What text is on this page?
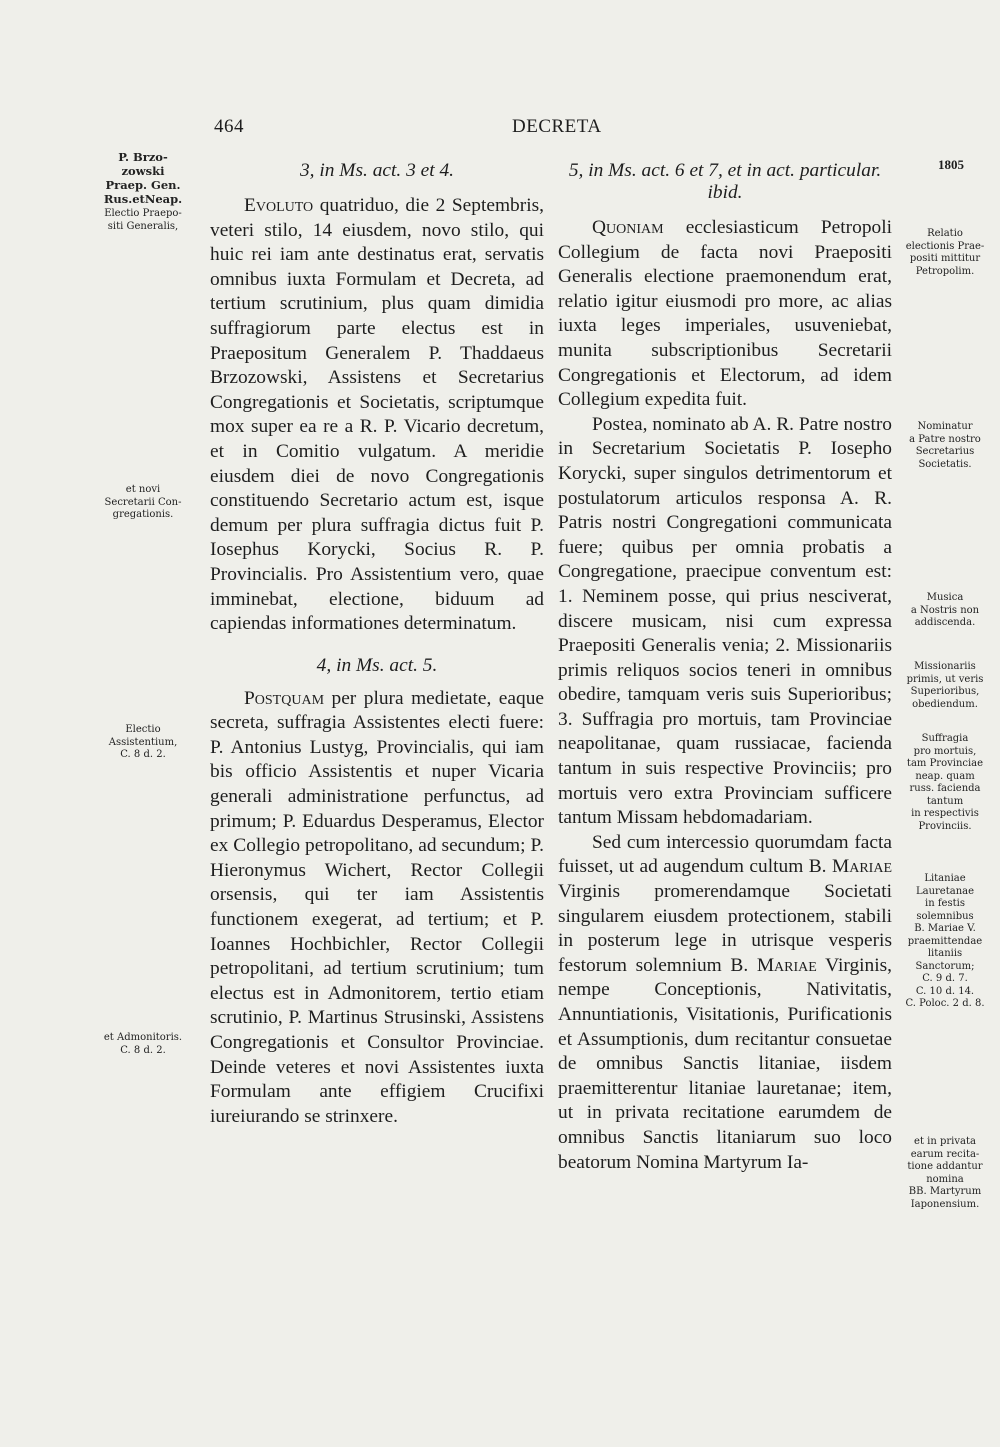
464	DECRETA
1805

P. Brzo-
zowski
Praep. Gen.
Rus.etNeap.
Electio Praepo-
siti Generalis,
et novi
Secretarii Con-
gregationis.
Electio
Assistentium,
C. 8 d. 2.
et Admonitoris.
C. 8 d. 2.
Relatio
electionis Prae-
positi mittitur
Petropolim.
Nominatur
a Patre nostro
Secretarius
Societatis.
Musica
a Nostris non
addiscenda.
Missionariis
primis, ut veris
Superioribus,
obediendum.
Suffragia
pro mortuis,
tam Provinciae
neap. quam
russ. facienda
tantum
in respectivis
Provinciis.
Litaniae
Lauretanae
in festis
solemnibus
B. Mariae V.
praemittendae
litaniis
Sanctorum;
C. 9 d. 7.
C. 10 d. 14.
C. Poloc. 2 d. 8.
et in privata
earum recita-
tione addantur
nomina
BB. Martyrum
Iaponensium.

3, in Ms. act. 3 et 4.

Evoluto quatriduo, die 2 Septembris, veteri stilo, 14 eiusdem, novo stilo, qui huic rei iam ante destinatus erat, servatis omnibus iuxta Formulam et Decreta, ad tertium scrutinium, plus quam dimidia suffragiorum parte electus est in Praepositum Generalem P. Thaddaeus Brzozowski, Assistens et Secretarius Congregationis et Societatis, scriptumque mox super ea re a R. P. Vicario decretum, et in Comitio vulgatum. A meridie eiusdem diei de novo Congregationis constituendo Secretario actum est, isque demum per plura suffragia dictus fuit P. Iosephus Korycki, Socius R. P. Provincialis. Pro Assistentium vero, quae imminebat, electione, biduum ad capiendas informationes determinatum.

4, in Ms. act. 5.

Postquam per plura medietate, eaque secreta, suffragia Assistentes electi fuere: P. Antonius Lustyg, Provincialis, qui iam bis officio Assistentis et nuper Vicaria generali administratione perfunctus, ad primum; P. Eduardus Desperamus, Elector ex Collegio petropolitano, ad secundum; P. Hieronymus Wichert, Rector Collegii orsensis, qui ter iam Assistentis functionem exegerat, ad tertium; et P. Ioannes Hochbichler, Rector Collegii petropolitani, ad tertium scrutinium; tum electus est in Admonitorem, tertio etiam scrutinio, P. Martinus Strusinski, Assistens Congregationis et Consultor Provinciae. Deinde veteres et novi Assistentes iuxta Formulam ante effigiem Crucifixi iureiurando se strinxere.

5, in Ms. act. 6 et 7, et in act. particular. ibid.

Quoniam ecclesiasticum Petropoli Collegium de facta novi Praepositi Generalis electione praemonendum erat, relatio igitur eiusmodi pro more, ac alias iuxta leges imperiales, usuveniebat, munita subscriptionibus Secretarii Congregationis et Electorum, ad idem Collegium expedita fuit.

Postea, nominato ab A. R. Patre nostro in Secretarium Societatis P. Iosepho Korycki, super singulos detrimentorum et postulatorum articulos responsa A. R. Patris nostri Congregationi communicata fuere; quibus per omnia probatis a Congregatione, praecipue conventum est: 1. Neminem posse, qui prius nesciverat, discere musicam, nisi cum expressa Praepositi Generalis venia; 2. Missionariis primis reliquos socios teneri in omnibus obedire, tamquam veris suis Superioribus; 3. Suffragia pro mortuis, tam Provinciae neapolitanae, quam russiacae, facienda tantum in suis respective Provinciis; pro mortuis vero extra Provinciam sufficere tantum Missam hebdomadariam.

Sed cum intercessio quorumdam facta fuisset, ut ad augendum cultum B. Mariae Virginis promerendamque Societati singularem eiusdem protectionem, stabili in posterum lege in utrisque vesperis festorum solemnium B. Mariae Virginis, nempe Conceptionis, Nativitatis, Annuntiationis, Visitationis, Purificationis et Assumptionis, dum recitantur consuetae de omnibus Sanctis litaniae, iisdem praemitterentur litaniae lauretanae; item, ut in privata recitatione earumdem de omnibus Sanctis litaniarum suo loco beatorum Nomina Martyrum Ia-
